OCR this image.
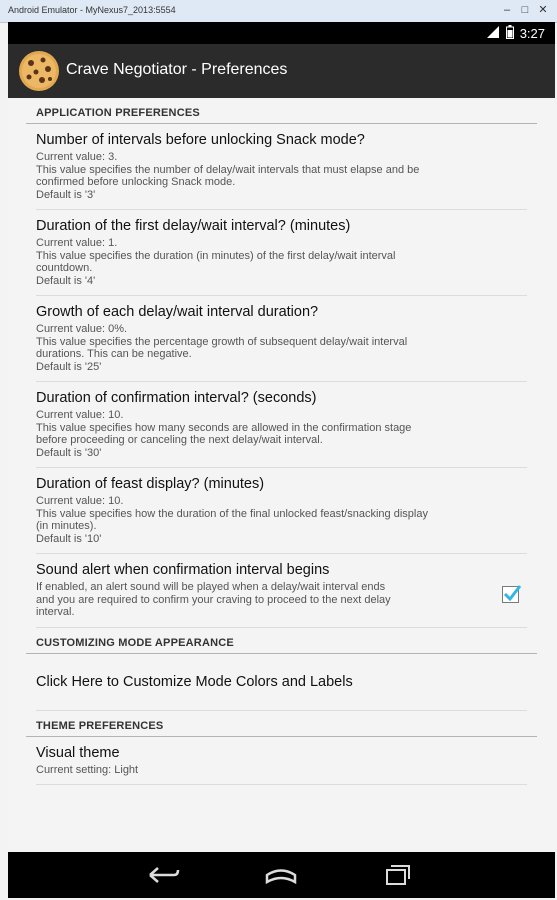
Android Emulator - MyNexus7_2013:5554	–	□ ✕
3:27
Crave Negotiator - Preferences
APPLICATION PREFERENCES
Number of intervals before unlocking Snack mode?
Current value: 3.
This value specifies the number of delay/wait intervals that must elapse and be
confirmed before unlocking Snack mode.
Default is '3'
Duration of the first delay/wait interval? (minutes)
Current value: 1.
This value specifies the duration (in minutes) of the first delay/wait interval
countdown.
Default is '4'
Growth of each delay/wait interval duration?
Current value: 0%.
This value specifies the percentage growth of subsequent delay/wait interval
durations. This can be negative.
Default is '25'
Duration of confirmation interval? (seconds)
Current value: 10.
This value specifies how many seconds are allowed in the confirmation stage
before proceeding or canceling the next delay/wait interval.
Default is '30'
Duration of feast display? (minutes)
Current value: 10.
This value specifies how the duration of the final unlocked feast/snacking display
(in minutes).
Default is '10'
Sound alert when confirmation interval begins
If enabled, an alert sound will be played when a delay/wait interval ends
and you are required to confirm your craving to proceed to the next delay
interval.
CUSTOMIZING MODE APPEARANCE
Click Here to Customize Mode Colors and Labels
THEME PREFERENCES
Visual theme
Current setting: Light
